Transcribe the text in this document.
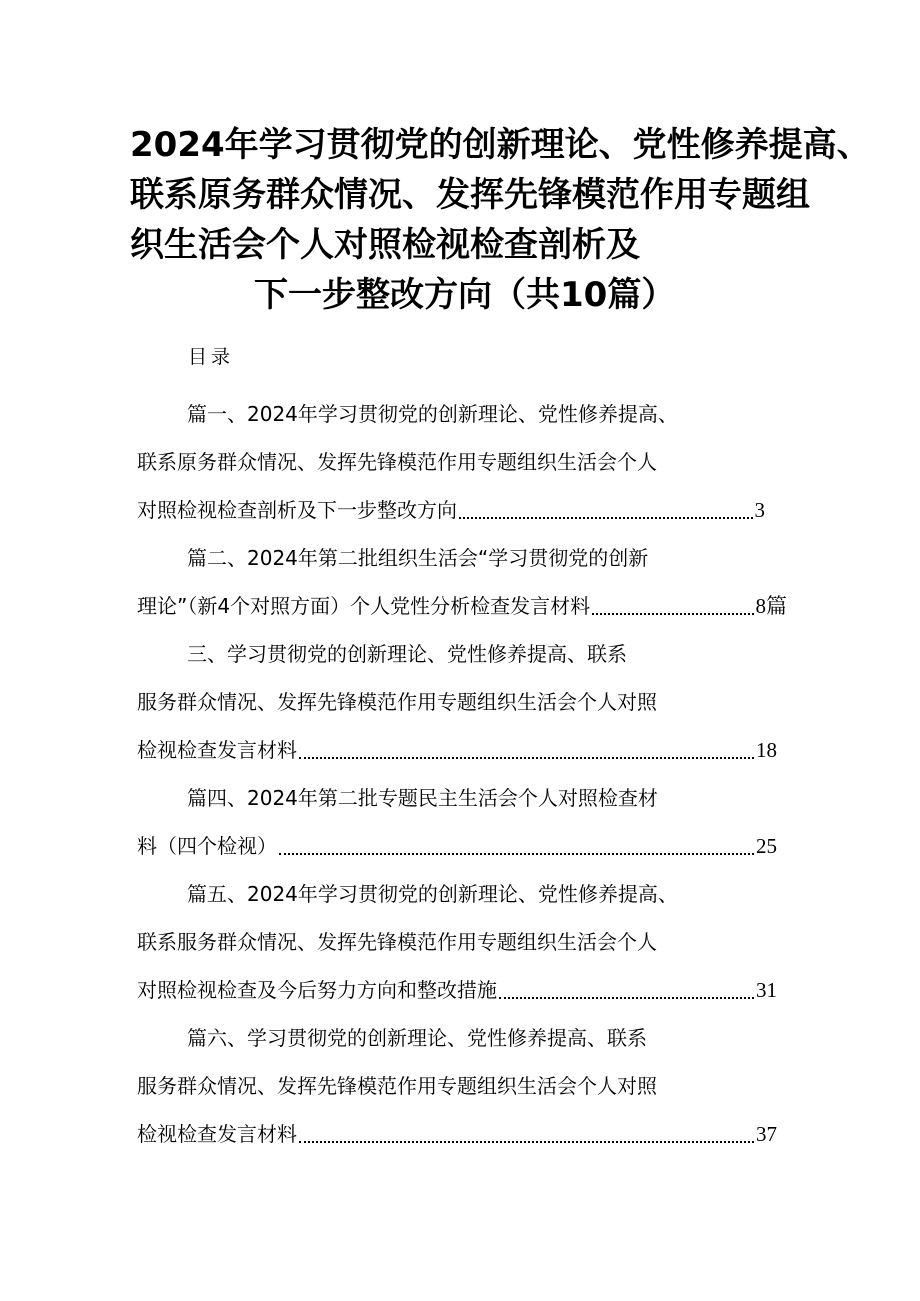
2024年学习贯彻党的创新理论、党性修养提高、
联系原务群众情况、发挥先锋模范作用专题组
织生活会个人对照检视检查剖析及
下一步整改方向（共10篇）
目录
篇一、2024年学习贯彻党的创新理论、党性修养提高、
联系原务群众情况、发挥先锋模范作用专题组织生活会个人
对照检视检查剖析及下一步整改方向	3
篇二、2024年第二批组织生活会“学习贯彻党的创新
理论”（新4个对照方面）个人党性分析检查发言材料	8篇
三、学习贯彻党的创新理论、党性修养提高、联系
服务群众情况、发挥先锋模范作用专题组织生活会个人对照
检视检查发言材料	18
篇四、2024年第二批专题民主生活会个人对照检查材
料（四个检视）	25
篇五、2024年学习贯彻党的创新理论、党性修养提高、
联系服务群众情况、发挥先锋模范作用专题组织生活会个人
对照检视检查及今后努力方向和整改措施	31
篇六、学习贯彻党的创新理论、党性修养提高、联系
服务群众情况、发挥先锋模范作用专题组织生活会个人对照
检视检查发言材料	37
